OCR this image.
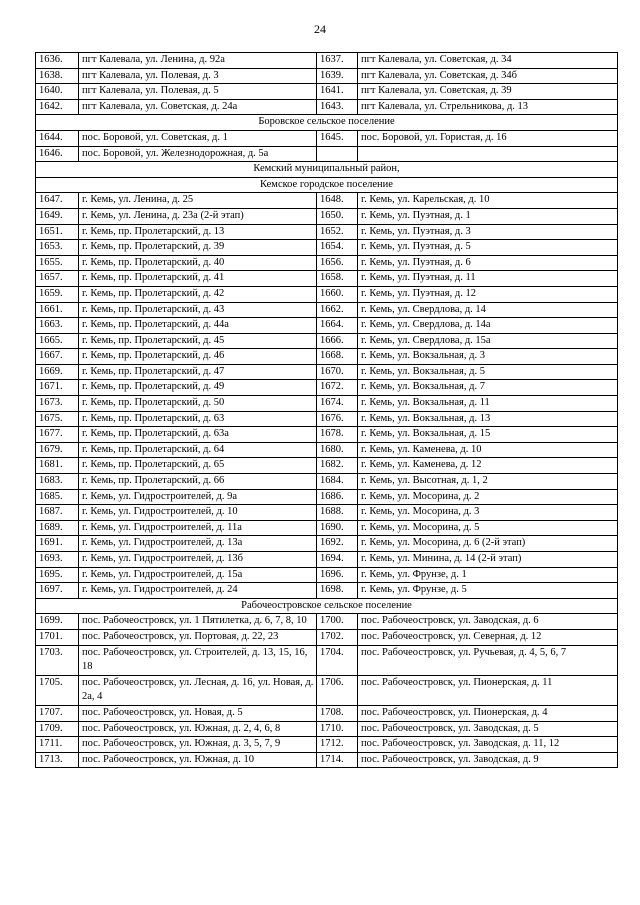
24
1636.	пгт Калевала, ул. Ленина, д. 92а	1637.	пгт Калевала, ул. Советская, д. 34

1638.	пгт Калевала, ул. Полевая, д. 3	1639.	пгт Калевала, ул. Советская, д. 34б

1640.	пгт Калевала, ул. Полевая, д. 5	1641.	пгт Калевала, ул. Советская, д. 39

1642.	пгт Калевала, ул. Советская, д. 24а	1643.	пгт Калевала, ул. Стрельникова, д. 13

Боровское сельское поселение			
1644.	пос. Боровой, ул. Советская, д. 1	1645.	пос. Боровой, ул. Гористая, д. 16

1646.	пос. Боровой, ул. Железнодорожная, д. 5а		

Кемский муниципальный район,			
Кемское городское поселение			
1647.	г. Кемь, ул. Ленина, д. 25	1648.	г. Кемь, ул. Карельская, д. 10

1649.	г. Кемь, ул. Ленина, д. 23а (2-й этап)	1650.	г. Кемь, ул. Пуэтная, д. 1

1651.	г. Кемь, пр. Пролетарский, д. 13	1652.	г. Кемь, ул. Пуэтная, д. 3

1653.	г. Кемь, пр. Пролетарский, д. 39	1654.	г. Кемь, ул. Пуэтная, д. 5

1655.	г. Кемь, пр. Пролетарский, д. 40	1656.	г. Кемь, ул. Пуэтная, д. 6

1657.	г. Кемь, пр. Пролетарский, д. 41	1658.	г. Кемь, ул. Пуэтная, д. 11

1659.	г. Кемь, пр. Пролетарский, д. 42	1660.	г. Кемь, ул. Пуэтная, д. 12

1661.	г. Кемь, пр. Пролетарский, д. 43	1662.	г. Кемь, ул. Свердлова, д. 14

1663.	г. Кемь, пр. Пролетарский, д. 44а	1664.	г. Кемь, ул. Свердлова, д. 14а

1665.	г. Кемь, пр. Пролетарский, д. 45	1666.	г. Кемь, ул. Свердлова, д. 15а

1667.	г. Кемь, пр. Пролетарский, д. 46	1668.	г. Кемь, ул. Вокзальная, д. 3

1669.	г. Кемь, пр. Пролетарский, д. 47	1670.	г. Кемь, ул. Вокзальная, д. 5

1671.	г. Кемь, пр. Пролетарский, д. 49	1672.	г. Кемь, ул. Вокзальная, д. 7

1673.	г. Кемь, пр. Пролетарский, д. 50	1674.	г. Кемь, ул. Вокзальная, д. 11

1675.	г. Кемь, пр. Пролетарский, д. 63	1676.	г. Кемь, ул. Вокзальная, д. 13

1677.	г. Кемь, пр. Пролетарский, д. 63а	1678.	г. Кемь, ул. Вокзальная, д. 15

1679.	г. Кемь, пр. Пролетарский, д. 64	1680.	г. Кемь, ул. Каменева, д. 10

1681.	г. Кемь, пр. Пролетарский, д. 65	1682.	г. Кемь, ул. Каменева, д. 12

1683.	г. Кемь, пр. Пролетарский, д. 66	1684.	г. Кемь, ул. Высотная, д. 1, 2

1685.	г. Кемь, ул. Гидростроителей, д. 9а	1686.	г. Кемь, ул. Мосорина, д. 2

1687.	г. Кемь, ул. Гидростроителей, д. 10	1688.	г. Кемь, ул. Мосорина, д. 3

1689.	г. Кемь, ул. Гидростроителей, д. 11а	1690.	г. Кемь, ул. Мосорина, д. 5

1691.	г. Кемь, ул. Гидростроителей, д. 13а	1692.	г. Кемь, ул. Мосорина, д. 6 (2-й этап)

1693.	г. Кемь, ул. Гидростроителей, д. 13б	1694.	г. Кемь, ул. Минина, д. 14 (2-й этап)

1695.	г. Кемь, ул. Гидростроителей, д. 15а	1696.	г. Кемь, ул. Фрунзе, д. 1

1697.	г. Кемь, ул. Гидростроителей, д. 24	1698.	г. Кемь, ул. Фрунзе, д. 5

Рабочеостровское сельское поселение			
1699.	пос. Рабочеостровск, ул. 1 Пятилетка, д. 6, 7, 8, 10	1700.	пос. Рабочеостровск, ул. Заводская, д. 6

1701.	пос. Рабочеостровск, ул. Портовая, д. 22, 23	1702.	пос. Рабочеостровск, ул. Северная, д. 12

1703.	пос. Рабочеостровск, ул. Строителей, д. 13, 15, 16, 18	1704.	пос. Рабочеостровск, ул. Ручьевая, д. 4, 5, 6, 7

1705.	пос. Рабочеостровск, ул. Лесная, д. 16, ул. Новая, д. 2а, 4	1706.	пос. Рабочеостровск, ул. Пионерская, д. 11

1707.	пос. Рабочеостровск, ул. Новая, д. 5	1708.	пос. Рабочеостровск, ул. Пионерская, д. 4

1709.	пос. Рабочеостровск, ул. Южная, д. 2, 4, 6, 8	1710.	пос. Рабочеостровск, ул. Заводская, д. 5

1711.	пос. Рабочеостровск, ул. Южная, д. 3, 5, 7, 9	1712.	пос. Рабочеостровск, ул. Заводская, д. 11, 12

1713.	пос. Рабочеостровск, ул. Южная, д. 10	1714.	пос. Рабочеостровск, ул. Заводская, д. 9
